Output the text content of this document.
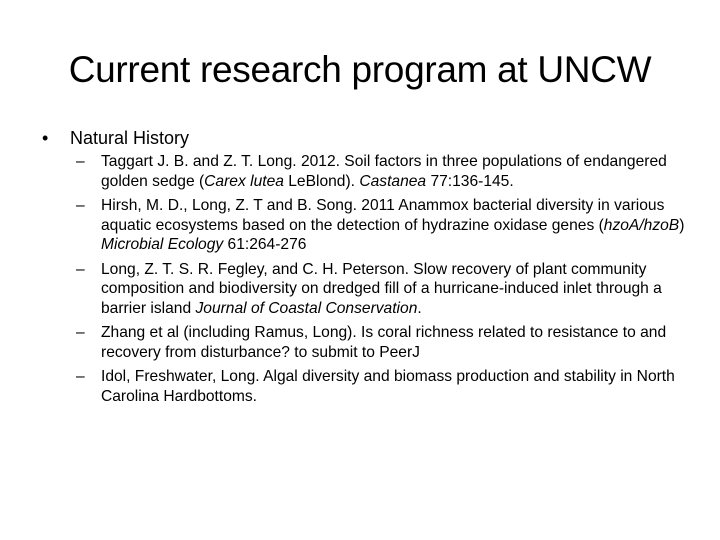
Current research program at UNCW
• Natural History
– Taggart J. B. and Z. T. Long. 2012. Soil factors in three populations of endangered golden sedge (Carex lutea LeBlond). Castanea 77:136-145.
– Hirsh, M. D., Long, Z. T and B. Song. 2011 Anammox bacterial diversity in various aquatic ecosystems based on the detection of hydrazine oxidase genes (hzoA/hzoB) Microbial Ecology 61:264-276
– Long, Z. T. S. R. Fegley, and C. H. Peterson. Slow recovery of plant community composition and biodiversity on dredged fill of a hurricane-induced inlet through a barrier island Journal of Coastal Conservation.
– Zhang et al (including Ramus, Long). Is coral richness related to resistance to and recovery from disturbance? to submit to PeerJ
– Idol, Freshwater, Long. Algal diversity and biomass production and stability in North Carolina Hardbottoms.
